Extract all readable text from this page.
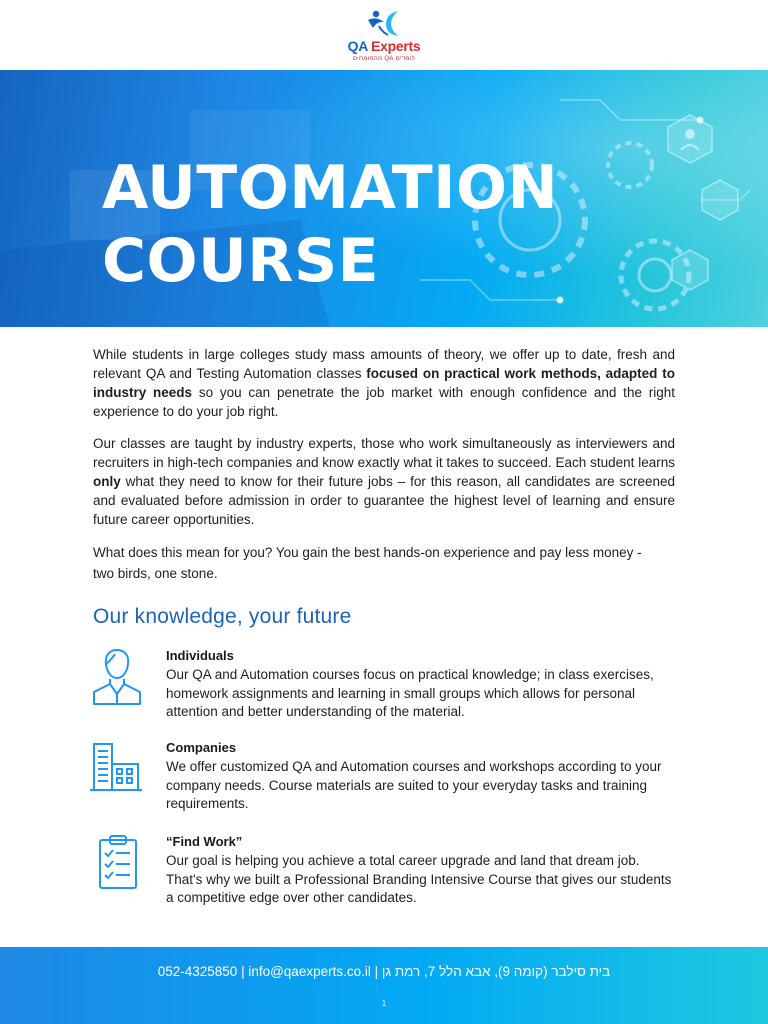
QA Experts
לומדים QA מהמומחים
AUTOMATION
COURSE

While students in large colleges study mass amounts of theory, we offer up to date, fresh and relevant QA and Testing Automation classes focused on practical work methods, adapted to industry needs so you can penetrate the job market with enough confidence and the right experience to do your job right.

Our classes are taught by industry experts, those who work simultaneously as interviewers and recruiters in high-tech companies and know exactly what it takes to succeed. Each student learns only what they need to know for their future jobs – for this reason, all candidates are screened and evaluated before admission in order to guarantee the highest level of learning and ensure future career opportunities.

What does this mean for you? You gain the best hands-on experience and pay less money -
two birds, one stone.

Our knowledge, your future
Individuals

Our QA and Automation courses focus on practical knowledge; in class exercises, homework assignments and learning in small groups which allows for personal attention and better understanding of the material.

Companies

We offer customized QA and Automation courses and workshops according to your company needs. Course materials are suited to your everyday tasks and training requirements.

“Find Work”

Our goal is helping you achieve a total career upgrade and land that dream job. That's why we built a Professional Branding Intensive Course that gives our students a competitive edge over other candidates.

052-4325850 | info@qaexperts.co.il | בית סילבר (קומה 9), אבא הלל 7, רמת גן
1
